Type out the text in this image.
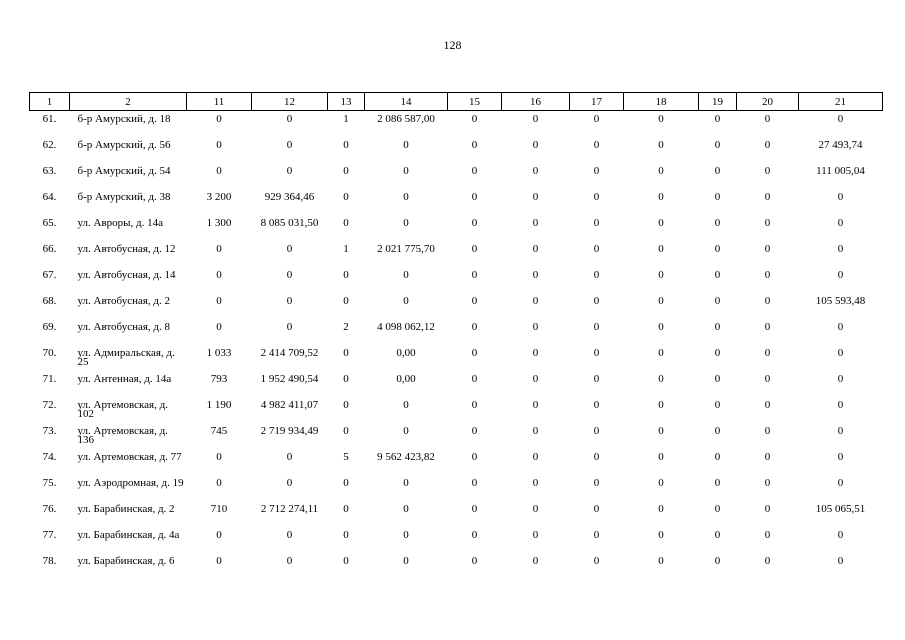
128
1	2	11	12	13	14	15	16	17	18	19	20	21
61.	б-р Амурский, д. 18	0	0	1	2 086 587,00	0	0	0	0	0	0	0
62.	б-р Амурский, д. 56	0	0	0	0	0	0	0	0	0	0	27 493,74
63.	б-р Амурский, д. 54	0	0	0	0	0	0	0	0	0	0	111 005,04
64.	б-р Амурский, д. 38	3 200	929 364,46	0	0	0	0	0	0	0	0	0
65.	ул. Авроры, д. 14а	1 300	8 085 031,50	0	0	0	0	0	0	0	0	0
66.	ул. Автобусная, д. 12	0	0	1	2 021 775,70	0	0	0	0	0	0	0
67.	ул. Автобусная, д. 14	0	0	0	0	0	0	0	0	0	0	0
68.	ул. Автобусная, д. 2	0	0	0	0	0	0	0	0	0	0	105 593,48
69.	ул. Автобусная, д. 8	0	0	2	4 098 062,12	0	0	0	0	0	0	0
70.	ул. Адмиральская, д. 25	1 033	2 414 709,52	0	0,00	0	0	0	0	0	0	0
71.	ул. Антенная, д. 14а	793	1 952 490,54	0	0,00	0	0	0	0	0	0	0
72.	ул. Артемовская, д. 102	1 190	4 982 411,07	0	0	0	0	0	0	0	0	0
73.	ул. Артемовская, д. 136	745	2 719 934,49	0	0	0	0	0	0	0	0	0
74.	ул. Артемовская, д. 77	0	0	5	9 562 423,82	0	0	0	0	0	0	0
75.	ул. Аэродромная, д. 19	0	0	0	0	0	0	0	0	0	0	0
76.	ул. Барабинская, д. 2	710	2 712 274,11	0	0	0	0	0	0	0	0	105 065,51
77.	ул. Барабинская, д. 4а	0	0	0	0	0	0	0	0	0	0	0
78.	ул. Барабинская, д. 6	0	0	0	0	0	0	0	0	0	0	0
